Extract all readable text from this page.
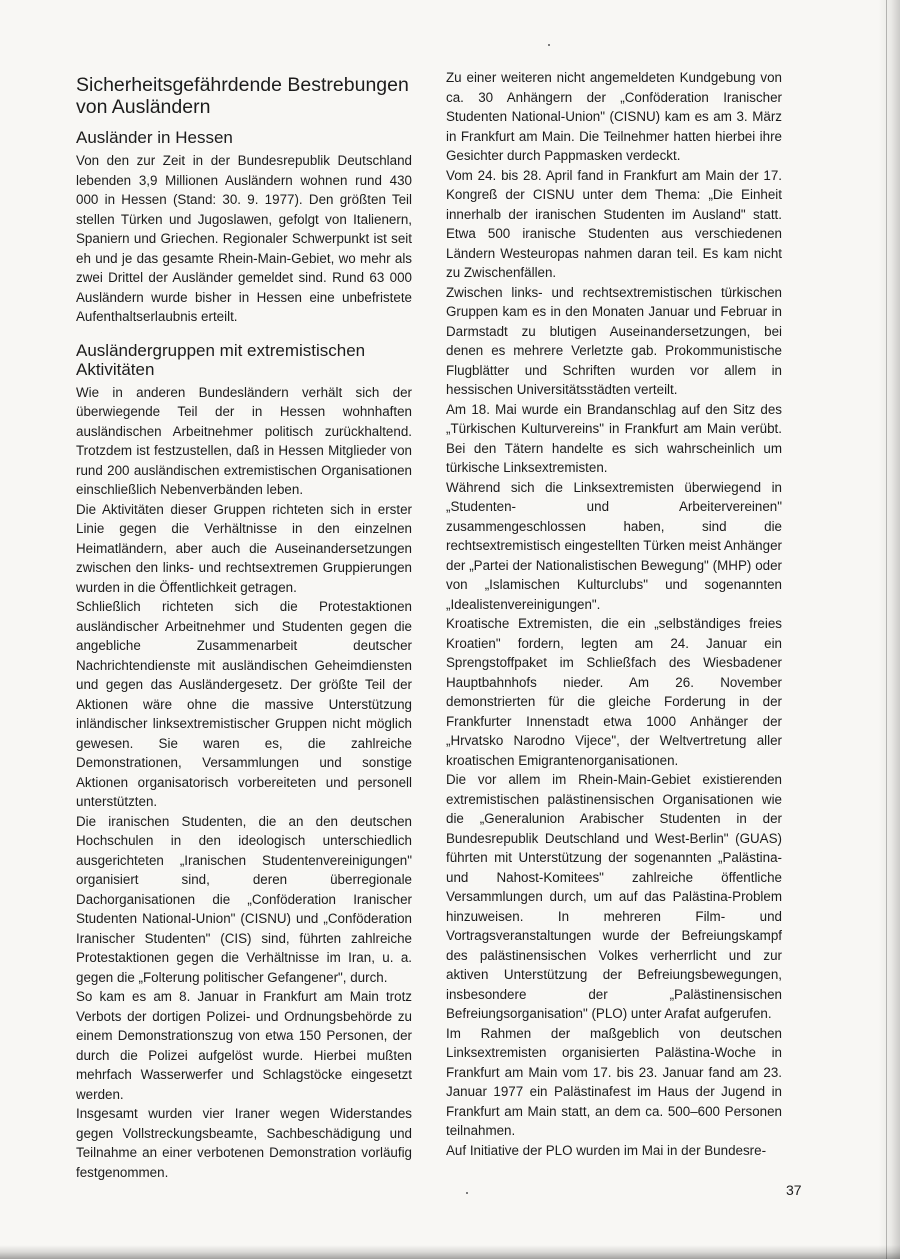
Sicherheitsgefährdende Bestrebungen von Ausländern
Ausländer in Hessen

Von den zur Zeit in der Bundesrepublik Deutschland lebenden 3,9 Millionen Ausländern wohnen rund 430 000 in Hessen (Stand: 30. 9. 1977). Den größten Teil stellen Türken und Jugoslawen, gefolgt von Italienern, Spaniern und Griechen. Regionaler Schwerpunkt ist seit eh und je das gesamte Rhein-Main-Gebiet, wo mehr als zwei Drittel der Ausländer gemeldet sind. Rund 63 000 Ausländern wurde bisher in Hessen eine unbefristete Aufenthaltserlaubnis erteilt.

Ausländergruppen mit extremistischen Aktivitäten

Wie in anderen Bundesländern verhält sich der überwiegende Teil der in Hessen wohnhaften ausländischen Arbeitnehmer politisch zurückhaltend. Trotzdem ist festzustellen, daß in Hessen Mitglieder von rund 200 ausländischen extremistischen Organisationen einschließlich Nebenverbänden leben.

Die Aktivitäten dieser Gruppen richteten sich in erster Linie gegen die Verhältnisse in den einzelnen Heimatländern, aber auch die Auseinandersetzungen zwischen den links- und rechtsextremen Gruppierungen wurden in die Öffentlichkeit getragen.

Schließlich richteten sich die Protestaktionen ausländischer Arbeitnehmer und Studenten gegen die angebliche Zusammenarbeit deutscher Nachrichtendienste mit ausländischen Geheimdiensten und gegen das Ausländergesetz. Der größte Teil der Aktionen wäre ohne die massive Unterstützung inländischer linksextremistischer Gruppen nicht möglich gewesen. Sie waren es, die zahlreiche Demonstrationen, Versammlungen und sonstige Aktionen organisatorisch vorbereiteten und personell unterstützten.

Die iranischen Studenten, die an den deutschen Hochschulen in den ideologisch unterschiedlich ausgerichteten „Iranischen Studentenvereinigungen" organisiert sind, deren überregionale Dachorganisationen die „Conföderation Iranischer Studenten National-Union" (CISNU) und „Conföderation Iranischer Studenten" (CIS) sind, führten zahlreiche Protestaktionen gegen die Verhältnisse im Iran, u. a. gegen die „Folterung politischer Gefangener", durch.

So kam es am 8. Januar in Frankfurt am Main trotz Verbots der dortigen Polizei- und Ordnungsbehörde zu einem Demonstrationszug von etwa 150 Personen, der durch die Polizei aufgelöst wurde. Hierbei mußten mehrfach Wasserwerfer und Schlagstöcke eingesetzt werden.

Insgesamt wurden vier Iraner wegen Widerstandes gegen Vollstreckungsbeamte, Sachbeschädigung und Teilnahme an einer verbotenen Demonstration vorläufig festgenommen.

Zu einer weiteren nicht angemeldeten Kundgebung von ca. 30 Anhängern der „Conföderation Iranischer Studenten National-Union" (CISNU) kam es am 3. März in Frankfurt am Main. Die Teilnehmer hatten hierbei ihre Gesichter durch Pappmasken verdeckt.

Vom 24. bis 28. April fand in Frankfurt am Main der 17. Kongreß der CISNU unter dem Thema: „Die Einheit innerhalb der iranischen Studenten im Ausland" statt. Etwa 500 iranische Studenten aus verschiedenen Ländern Westeuropas nahmen daran teil. Es kam nicht zu Zwischenfällen.

Zwischen links- und rechtsextremistischen türkischen Gruppen kam es in den Monaten Januar und Februar in Darmstadt zu blutigen Auseinandersetzungen, bei denen es mehrere Verletzte gab. Prokommunistische Flugblätter und Schriften wurden vor allem in hessischen Universitätsstädten verteilt.

Am 18. Mai wurde ein Brandanschlag auf den Sitz des „Türkischen Kulturvereins" in Frankfurt am Main verübt. Bei den Tätern handelte es sich wahrscheinlich um türkische Linksextremisten.

Während sich die Linksextremisten überwiegend in „Studenten- und Arbeitervereinen" zusammengeschlossen haben, sind die rechtsextremistisch eingestellten Türken meist Anhänger der „Partei der Nationalistischen Bewegung" (MHP) oder von „Islamischen Kulturclubs" und sogenannten „Idealistenvereinigungen".

Kroatische Extremisten, die ein „selbständiges freies Kroatien" fordern, legten am 24. Januar ein Sprengstoffpaket im Schließfach des Wiesbadener Hauptbahnhofs nieder. Am 26. November demonstrierten für die gleiche Forderung in der Frankfurter Innenstadt etwa 1000 Anhänger der „Hrvatsko Narodno Vijece", der Weltvertretung aller kroatischen Emigrantenorganisationen.

Die vor allem im Rhein-Main-Gebiet existierenden extremistischen palästinensischen Organisationen wie die „Generalunion Arabischer Studenten in der Bundesrepublik Deutschland und West-Berlin" (GUAS) führten mit Unterstützung der sogenannten „Palästina- und Nahost-Komitees" zahlreiche öffentliche Versammlungen durch, um auf das Palästina-Problem hinzuweisen. In mehreren Film- und Vortragsveranstaltungen wurde der Befreiungskampf des palästinensischen Volkes verherrlicht und zur aktiven Unterstützung der Befreiungsbewegungen, insbesondere der „Palästinensischen Befreiungsorganisation" (PLO) unter Arafat aufgerufen.

Im Rahmen der maßgeblich von deutschen Linksextremisten organisierten Palästina-Woche in Frankfurt am Main vom 17. bis 23. Januar fand am 23. Januar 1977 ein Palästinafest im Haus der Jugend in Frankfurt am Main statt, an dem ca. 500–600 Personen teilnahmen.

Auf Initiative der PLO wurden im Mai in der Bundesre-

37
